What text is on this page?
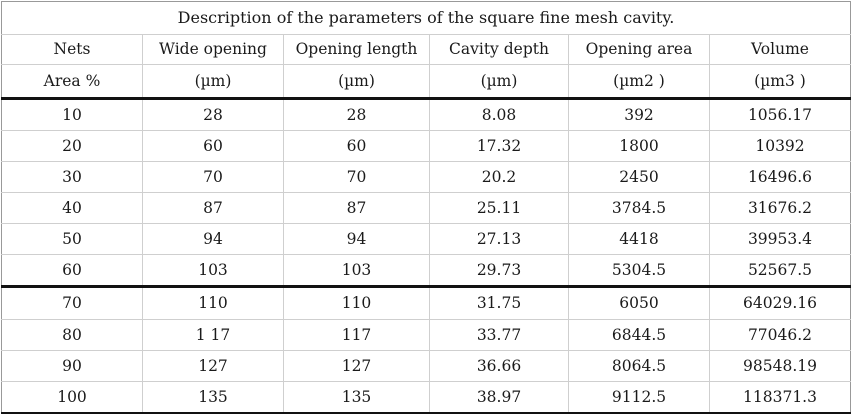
Description of the parameters of the square fine mesh cavity.					
Nets	Wide opening	Opening length	Cavity depth	Opening area	Volume
Area %	(µm)	(µm)	(µm)	(µm2 )	(µm3 )
10	28	28	8.08	392	1056.17
20	60	60	17.32	1800	10392
30	70	70	20.2	2450	16496.6
40	87	87	25.11	3784.5	31676.2
50	94	94	27.13	4418	39953.4
60	103	103	29.73	5304.5	52567.5
70	110	110	31.75	6050	64029.16
80	1 17	117	33.77	6844.5	77046.2
90	127	127	36.66	8064.5	98548.19
100	135	135	38.97	9112.5	118371.3
